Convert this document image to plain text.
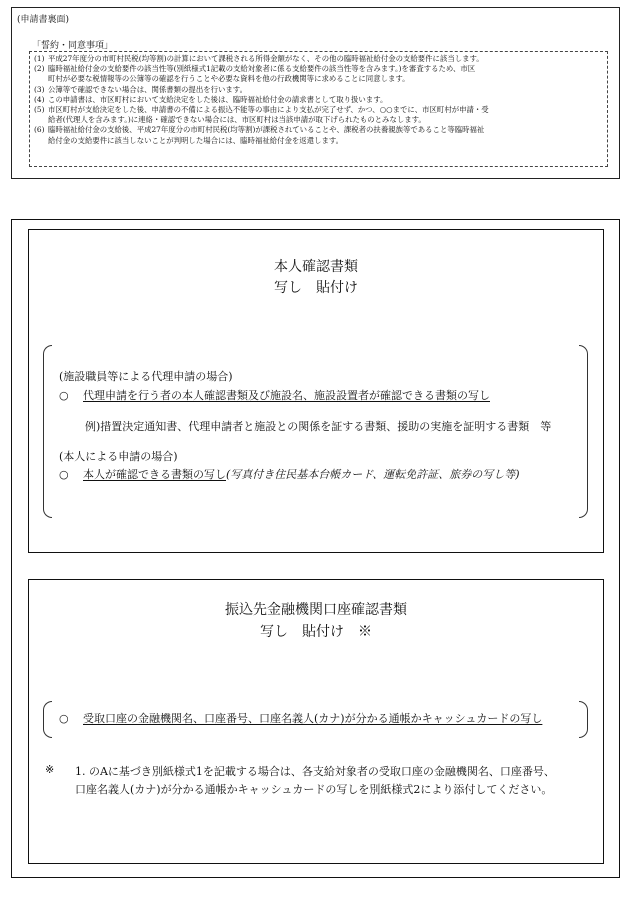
(申請書裏面)
「誓約・同意事項」
(1) 平成27年度分の市町村民税(均等割)の計算において課税される所得金額がなく、その他の臨時福祉給付金の支給要件に該当します。
(2) 臨時福祉給付金の支給要件の該当性等(別紙様式1記載の支給対象者に係る支給要件の該当性等を含みます。)を審査するため、市区
町村が必要な税情報等の公簿等の確認を行うことや必要な資料を他の行政機関等に求めることに同意します。
(3) 公簿等で確認できない場合は、関係書類の提出を行います。
(4) この申請書は、市区町村において支給決定をした後は、臨時福祉給付金の請求書として取り扱います。
(5) 市区町村が支給決定をした後、申請書の不備による振込不能等の事由により支払が完了せず、かつ、○○までに、市区町村が申請・受
給者(代理人を含みます。)に連絡・確認できない場合には、市区町村は当該申請が取下げられたものとみなします。
(6) 臨時福祉給付金の支給後、平成27年度分の市町村民税(均等割)が課税されていることや、課税者の扶養親族等であること等臨時福祉
給付金の支給要件に該当しないことが判明した場合には、臨時福祉給付金を返還します。
本人確認書類
写し　貼付け
(施設職員等による代理申請の場合)
○ 代理申請を行う者の本人確認書類及び施設名、施設設置者が確認できる書類の写し
例)措置決定通知書、代理申請者と施設との関係を証する書類、援助の実施を証明する書類　等
(本人による申請の場合)
○ 本人が確認できる書類の写し(写真付き住民基本台帳カード、運転免許証、旅券の写し等)
振込先金融機関口座確認書類
写し　貼付け　※
○ 受取口座の金融機関名、口座番号、口座名義人(カナ)が分かる通帳かキャッシュカードの写し
※ 1. のAに基づき別紙様式1を記載する場合は、各支給対象者の受取口座の金融機関名、口座番号、
口座名義人(カナ)が分かる通帳かキャッシュカードの写しを別紙様式2により添付してください。
